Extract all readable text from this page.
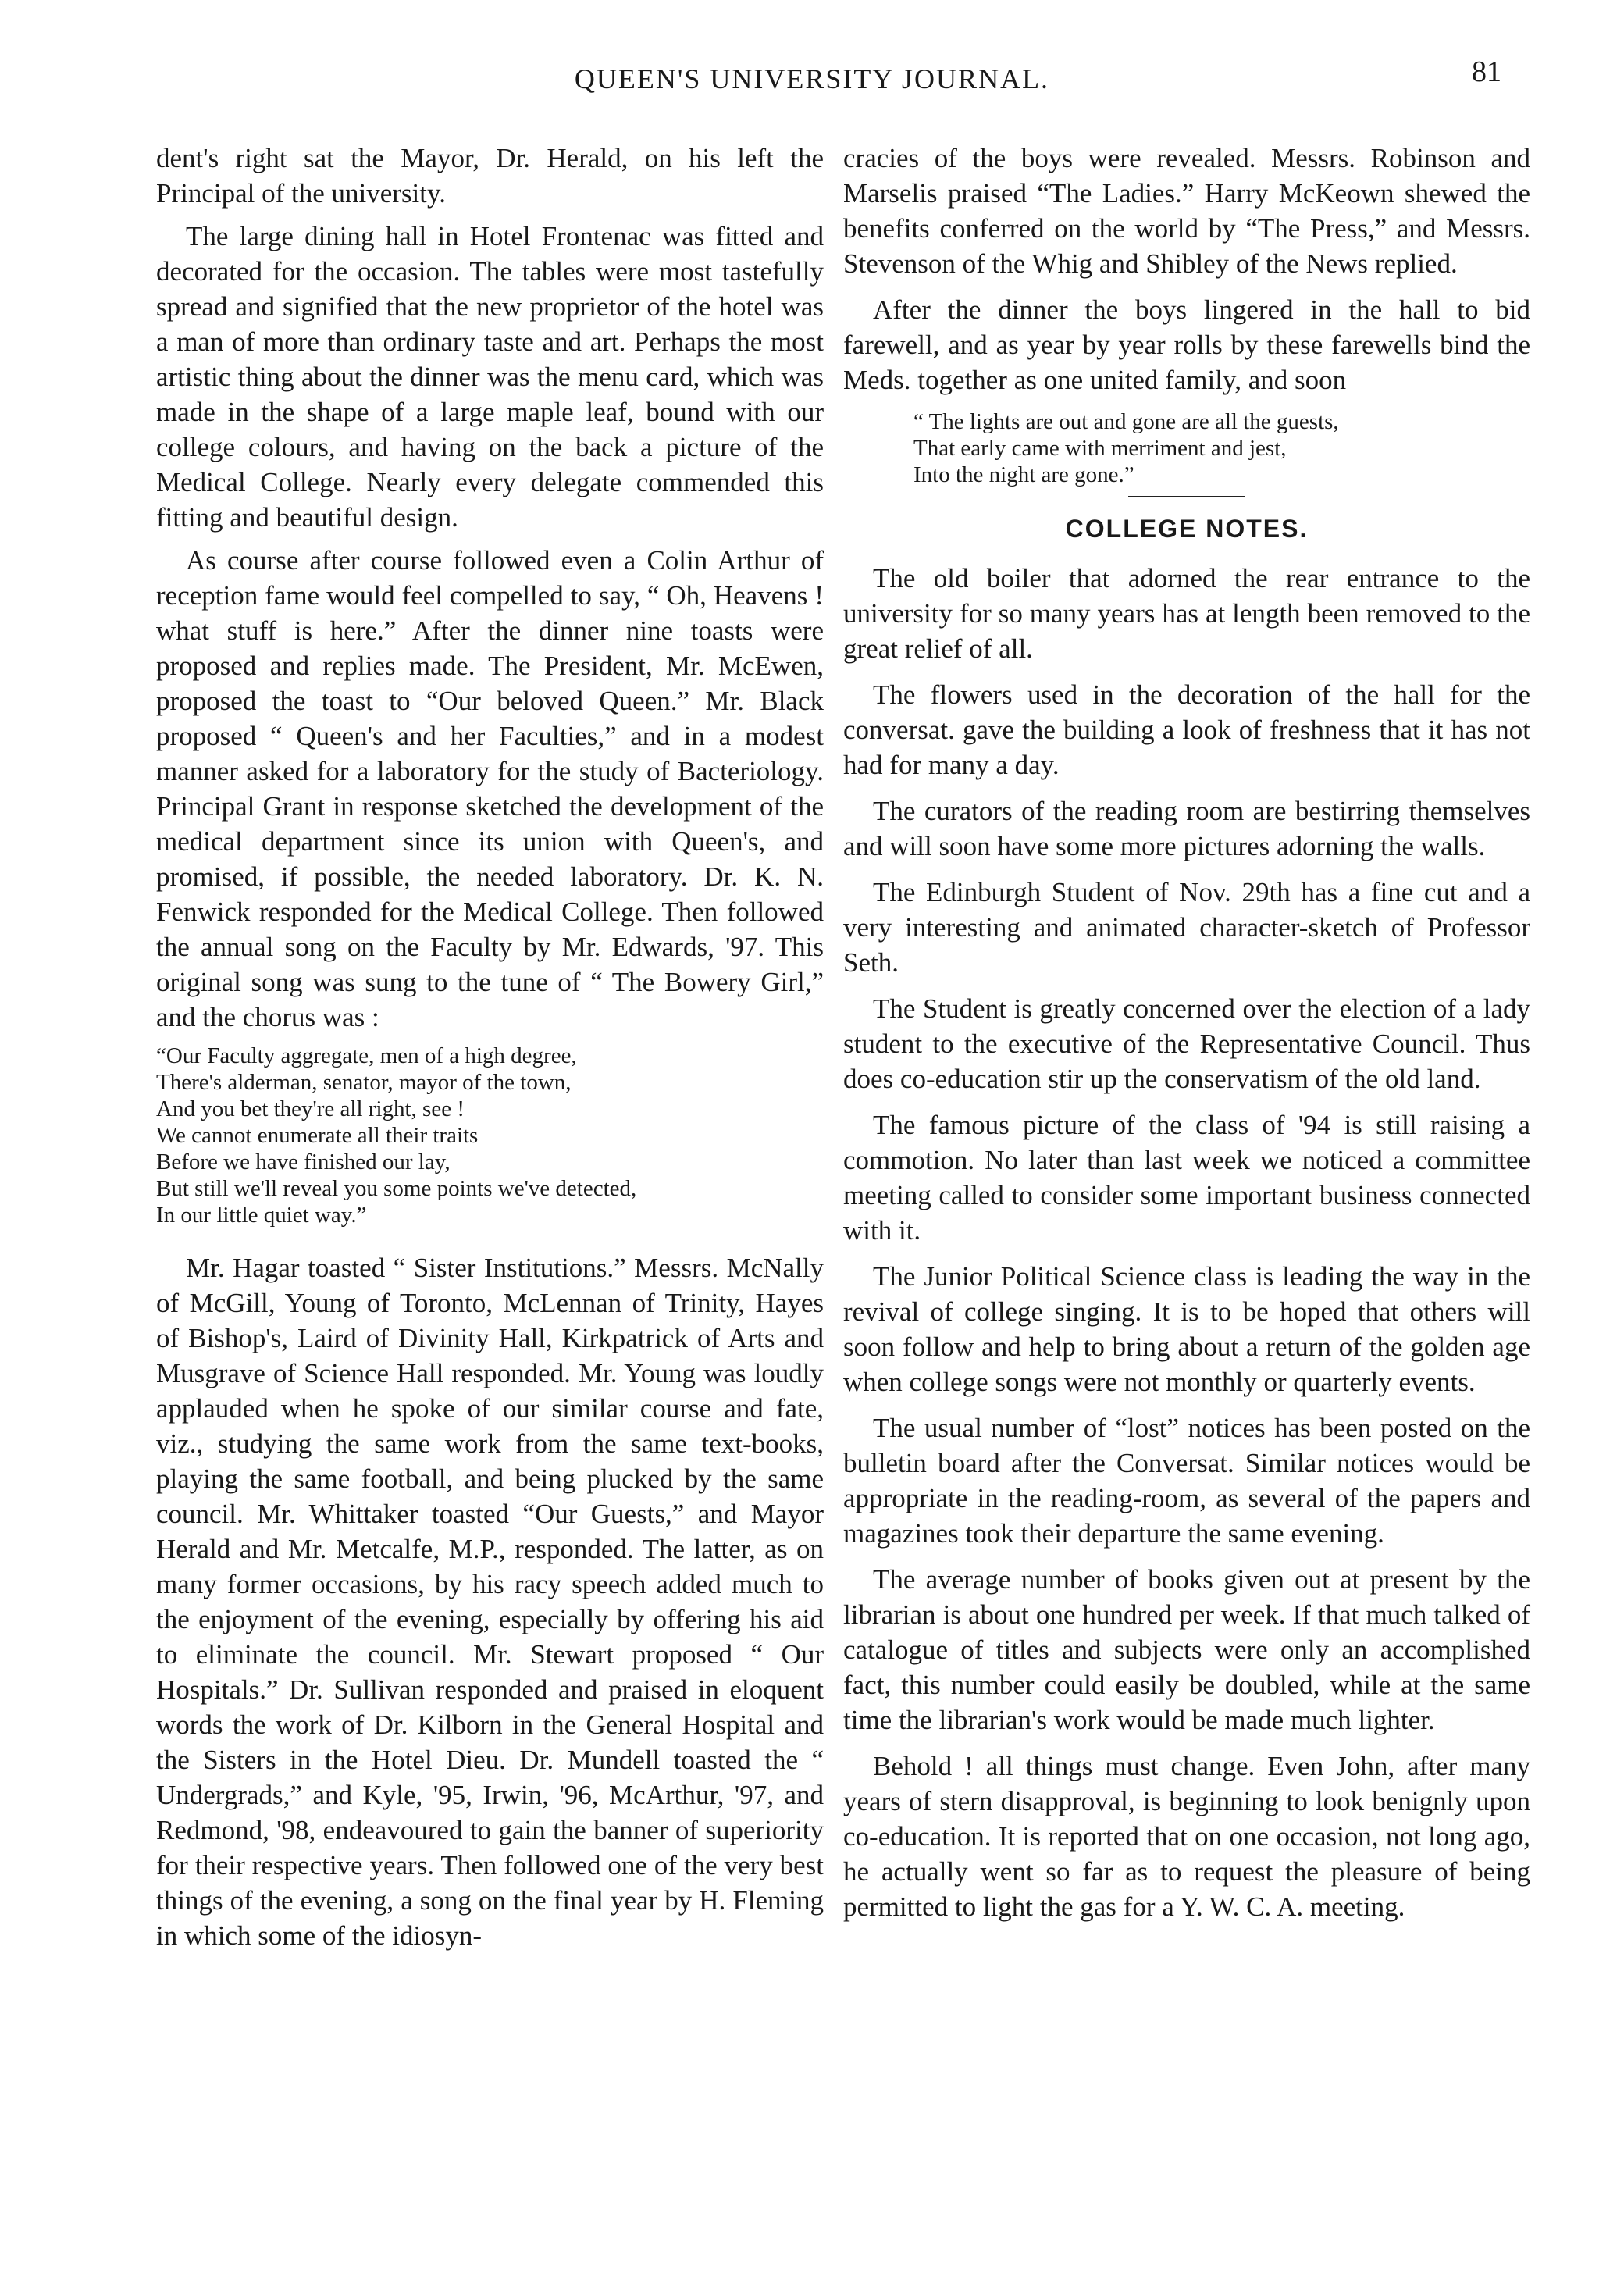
QUEEN'S UNIVERSITY JOURNAL.	81

dent's right sat the Mayor, Dr. Herald, on his left the Principal of the university.

The large dining hall in Hotel Frontenac was fitted and decorated for the occasion. The tables were most tastefully spread and signified that the new proprietor of the hotel was a man of more than ordinary taste and art. Perhaps the most artistic thing about the dinner was the menu card, which was made in the shape of a large maple leaf, bound with our college colours, and having on the back a picture of the Medical College. Nearly every delegate commended this fitting and beautiful design.

As course after course followed even a Colin Arthur of reception fame would feel compelled to say, “ Oh, Heavens ! what stuff is here.” After the dinner nine toasts were proposed and replies made. The President, Mr. McEwen, proposed the toast to “Our beloved Queen.” Mr. Black proposed “ Queen's and her Faculties,” and in a modest manner asked for a laboratory for the study of Bacteriology. Principal Grant in response sketched the development of the medical department since its union with Queen's, and promised, if possible, the needed laboratory. Dr. K. N. Fenwick responded for the Medical College. Then followed the annual song on the Faculty by Mr. Edwards, '97. This original song was sung to the tune of “ The Bowery Girl,” and the chorus was :

“Our Faculty aggregate, men of a high degree,
There's alderman, senator, mayor of the town,
And you bet they're all right, see !
We cannot enumerate all their traits
Before we have finished our lay,
But still we'll reveal you some points we've detected,
In our little quiet way.”

Mr. Hagar toasted “ Sister Institutions.” Messrs. McNally of McGill, Young of Toronto, McLennan of Trinity, Hayes of Bishop's, Laird of Divinity Hall, Kirkpatrick of Arts and Musgrave of Science Hall responded. Mr. Young was loudly applauded when he spoke of our similar course and fate, viz., studying the same work from the same text-books, playing the same football, and being plucked by the same council. Mr. Whittaker toasted “Our Guests,” and Mayor Herald and Mr. Metcalfe, M.P., responded. The latter, as on many former occasions, by his racy speech added much to the enjoyment of the evening, especially by offering his aid to eliminate the council. Mr. Stewart proposed “ Our Hospitals.” Dr. Sullivan responded and praised in eloquent words the work of Dr. Kilborn in the General Hospital and the Sisters in the Hotel Dieu. Dr. Mundell toasted the “ Undergrads,” and Kyle, '95, Irwin, '96, McArthur, '97, and Redmond, '98, endeavoured to gain the banner of superiority for their respective years. Then followed one of the very best things of the evening, a song on the final year by H. Fleming in which some of the idiosyn-

cracies of the boys were revealed. Messrs. Robinson and Marselis praised “The Ladies.” Harry McKeown shewed the benefits conferred on the world by “The Press,” and Messrs. Stevenson of the Whig and Shibley of the News replied.

After the dinner the boys lingered in the hall to bid farewell, and as year by year rolls by these farewells bind the Meds. together as one united family, and soon

“ The lights are out and gone are all the guests,
That early came with merriment and jest,
Into the night are gone.”
COLLEGE NOTES.

The old boiler that adorned the rear entrance to the university for so many years has at length been removed to the great relief of all.

The flowers used in the decoration of the hall for the conversat. gave the building a look of freshness that it has not had for many a day.

The curators of the reading room are bestirring themselves and will soon have some more pictures adorning the walls.

The Edinburgh Student of Nov. 29th has a fine cut and a very interesting and animated character-sketch of Professor Seth.

The Student is greatly concerned over the election of a lady student to the executive of the Representative Council. Thus does co-education stir up the conservatism of the old land.

The famous picture of the class of '94 is still raising a commotion. No later than last week we noticed a committee meeting called to consider some important business connected with it.

The Junior Political Science class is leading the way in the revival of college singing. It is to be hoped that others will soon follow and help to bring about a return of the golden age when college songs were not monthly or quarterly events.

The usual number of “lost” notices has been posted on the bulletin board after the Conversat. Similar notices would be appropriate in the reading-room, as several of the papers and magazines took their departure the same evening.

The average number of books given out at present by the librarian is about one hundred per week. If that much talked of catalogue of titles and subjects were only an accomplished fact, this number could easily be doubled, while at the same time the librarian's work would be made much lighter.

Behold ! all things must change. Even John, after many years of stern disapproval, is beginning to look benignly upon co-education. It is reported that on one occasion, not long ago, he actually went so far as to request the pleasure of being permitted to light the gas for a Y. W. C. A. meeting.
